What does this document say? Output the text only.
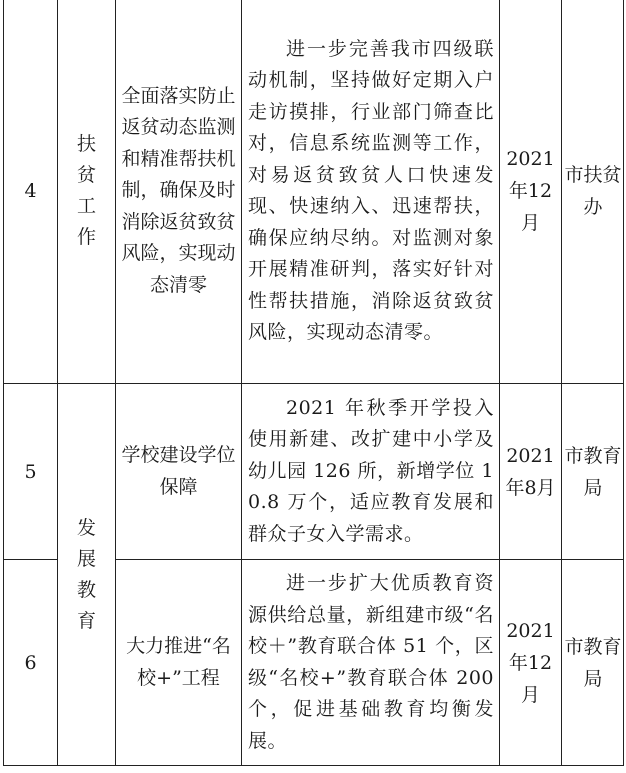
4	扶贫工作	全面落实防止返贫动态监测和精准帮扶机制，确保及时消除返贫致贫风险，实现动态清零	进一步完善我市四级联动机制，坚持做好定期入户走访摸排，行业部门筛查比对，信息系统监测等工作，对易返贫致贫人口快速发现、快速纳入、迅速帮扶，确保应纳尽纳。对监测对象开展精准研判，落实好针对性帮扶措施，消除返贫致贫风险，实现动态清零。	2021年12月	市扶贫办
5	发展教育	学校建设学位保障	2021 年秋季开学投入使用新建、改扩建中小学及幼儿园 126 所，新增学位 10.8 万个，适应教育发展和群众子女入学需求。	2021年8月	市教育局
6		大力推进“名校+”工程	进一步扩大优质教育资源供给总量，新组建市级“名校＋”教育联合体 51 个，区级“名校+”教育联合体 200 个，促进基础教育均衡发展。	2021年12月	市教育局
